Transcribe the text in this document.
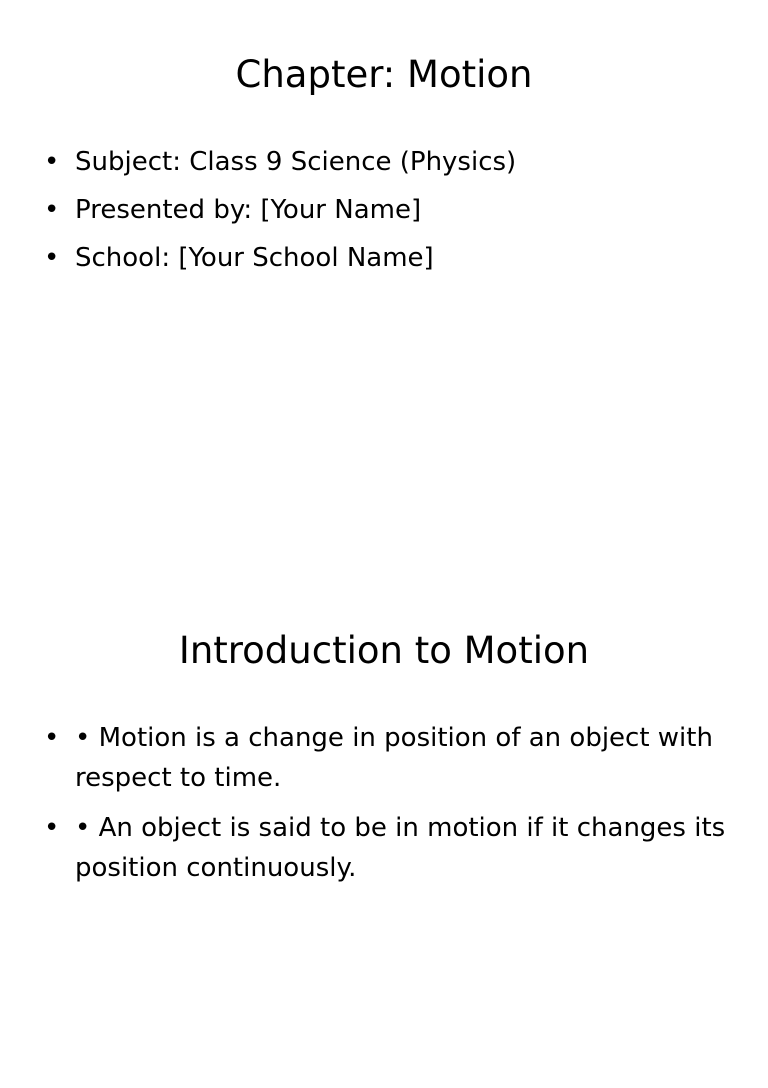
Chapter: Motion
• Subject: Class 9 Science (Physics)
• Presented by: [Your Name]
• School: [Your School Name]
Introduction to Motion
• • Motion is a change in position of an object with respect to time.
• • An object is said to be in motion if it changes its position continuously.
